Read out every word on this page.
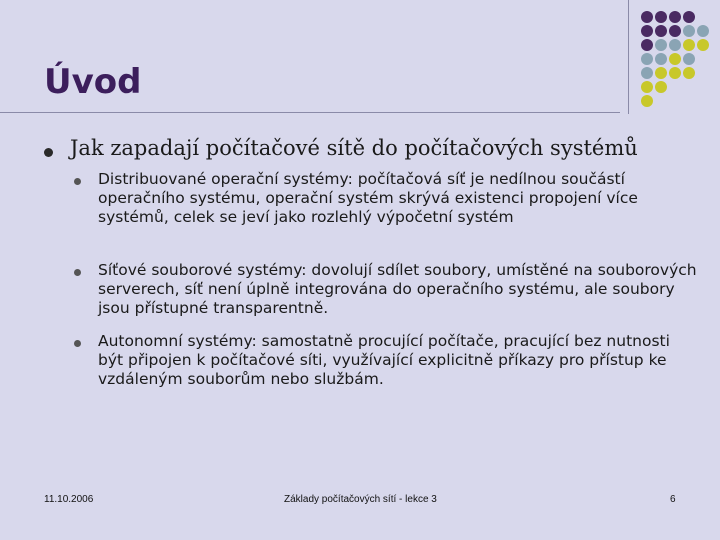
Úvod
Jak zapadají počítačové sítě do počítačových systémů
Distribuované operační systémy: počítačová síť je nedílnou součástí operačního systému, operační systém skrývá existenci propojení více systémů, celek se jeví jako rozlehlý výpočetní systém
Síťové souborové systémy: dovolují sdílet soubory, umístěné na souborových serverech, síť není úplně integrována do operačního systému, ale soubory jsou přístupné transparentně.
Autonomní systémy: samostatně procující počítače, pracující bez nutnosti být připojen k počítačové síti, využívající explicitně příkazy pro přístup ke vzdáleným souborům nebo službám.
11.10.2006	Základy počítačových sítí - lekce 3	6
